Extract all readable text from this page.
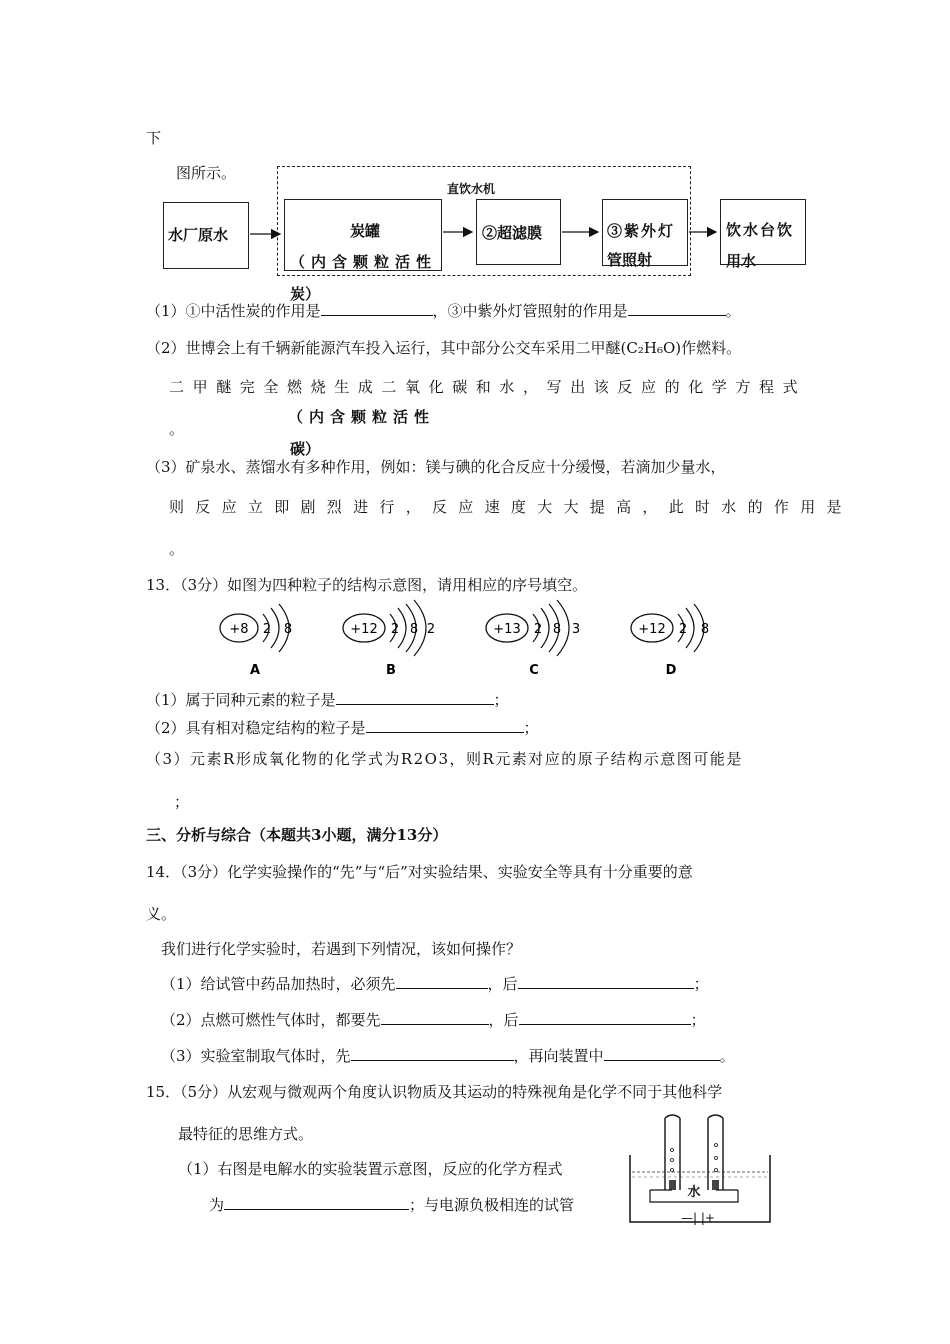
下
图所示。
直饮水机
水厂原水	炭罐
（内含颗粒活性
炭）
②超滤膜	③紫外灯
管照射
饮水台饮
用水
（1）①中活性炭的作用是	，③中紫外灯管照射的作用是	。
（2）世博会上有千辆新能源汽车投入运行，其中部分公交车采用二甲醚(C₂H₆O)作燃料。
二甲醚完全燃烧生成二氧化碳和水，写出该反应的化学方程式
（内含颗粒活性
。
碳）
（3）矿泉水、蒸馏水有多种作用，例如：镁与碘的化合反应十分缓慢，若滴加少量水，
则反应立即剧烈进行，反应速度大大提高，此时水的作用是
。
13．（3分）如图为四种粒子的结构示意图，请用相应的序号填空。
+8 2 8
A
+12 2 8 2
B
+13 2 8 3
C
+12 2 8
D
（1）属于同种元素的粒子是	；
（2）具有相对稳定结构的粒子是	；
（3）元素R形成氧化物的化学式为R2O3，则R元素对应的原子结构示意图可能是
；
三、分析与综合（本题共3小题，满分13分）
14．（3分）化学实验操作的“先”与“后”对实验结果、实验安全等具有十分重要的意
义。
我们进行化学实验时，若遇到下列情况，该如何操作？
（1）给试管中药品加热时，必须先	，后	；
（2）点燃可燃性气体时，都要先	，后	；
（3）实验室制取气体时，先	，再向装置中	。
15．（5分）从宏观与微观两个角度认识物质及其运动的特殊视角是化学不同于其他科学
最特征的思维方式。
（1）右图是电解水的实验装置示意图，反应的化学方程式
为	；与电源负极相连的试管
水
—| |+
